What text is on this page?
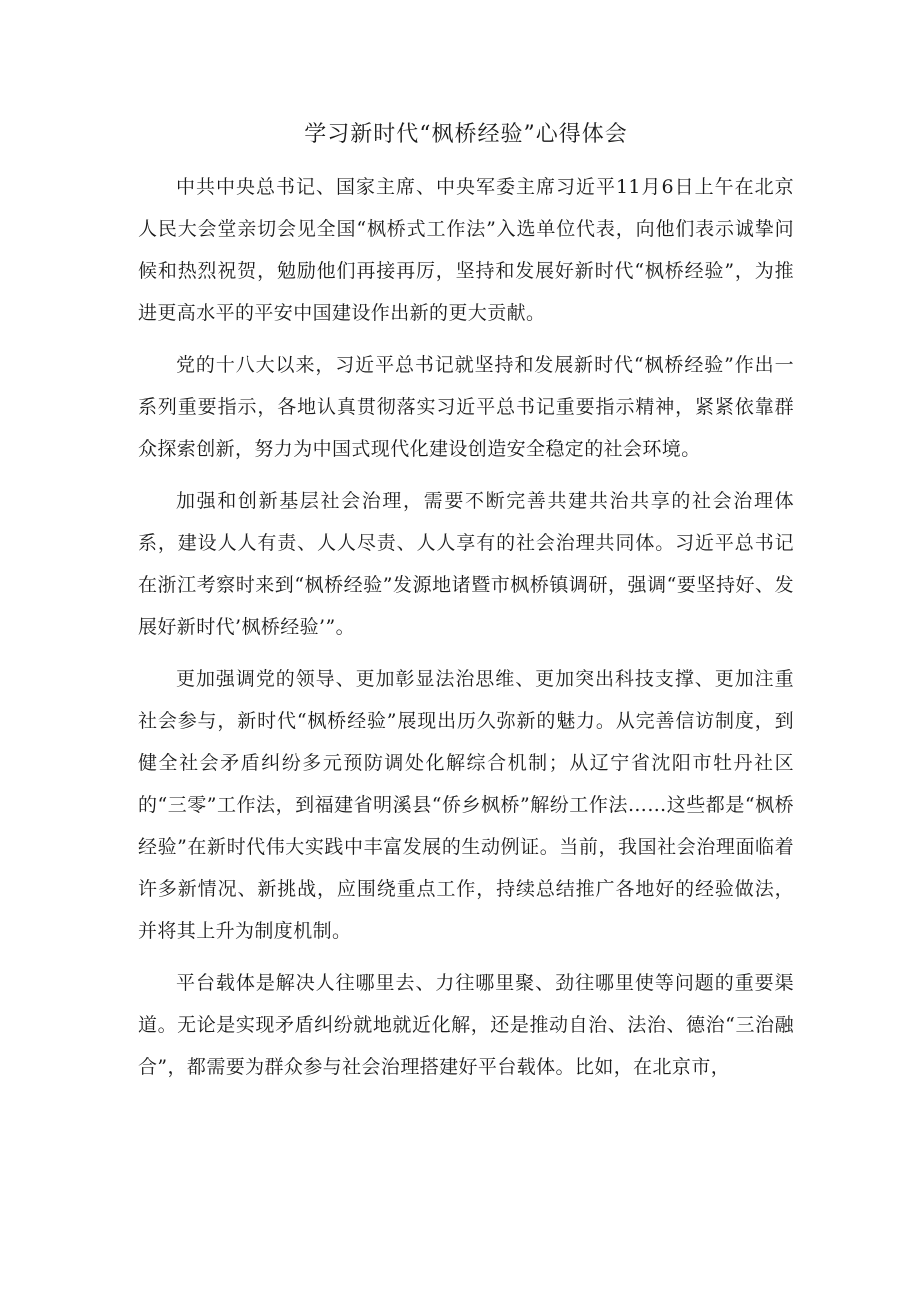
学习新时代“枫桥经验”心得体会

中共中央总书记、国家主席、中央军委主席习近平11月6日上午在北京人民大会堂亲切会见全国“枫桥式工作法”入选单位代表，向他们表示诚挚问候和热烈祝贺，勉励他们再接再厉，坚持和发展好新时代“枫桥经验”，为推进更高水平的平安中国建设作出新的更大贡献。

党的十八大以来，习近平总书记就坚持和发展新时代“枫桥经验”作出一系列重要指示，各地认真贯彻落实习近平总书记重要指示精神，紧紧依靠群众探索创新，努力为中国式现代化建设创造安全稳定的社会环境。

加强和创新基层社会治理，需要不断完善共建共治共享的社会治理体系，建设人人有责、人人尽责、人人享有的社会治理共同体。习近平总书记在浙江考察时来到“枫桥经验”发源地诸暨市枫桥镇调研，强调“要坚持好、发展好新时代’枫桥经验’”。

更加强调党的领导、更加彰显法治思维、更加突出科技支撑、更加注重社会参与，新时代“枫桥经验”展现出历久弥新的魅力。从完善信访制度，到健全社会矛盾纠纷多元预防调处化解综合机制；从辽宁省沈阳市牡丹社区的“三零”工作法，到福建省明溪县“侨乡枫桥”解纷工作法……这些都是“枫桥经验”在新时代伟大实践中丰富发展的生动例证。当前，我国社会治理面临着许多新情况、新挑战，应围绕重点工作，持续总结推广各地好的经验做法，并将其上升为制度机制。

平台载体是解决人往哪里去、力往哪里聚、劲往哪里使等问题的重要渠道。无论是实现矛盾纠纷就地就近化解，还是推动自治、法治、德治“三治融合”，都需要为群众参与社会治理搭建好平台载体。比如，在北京市，
